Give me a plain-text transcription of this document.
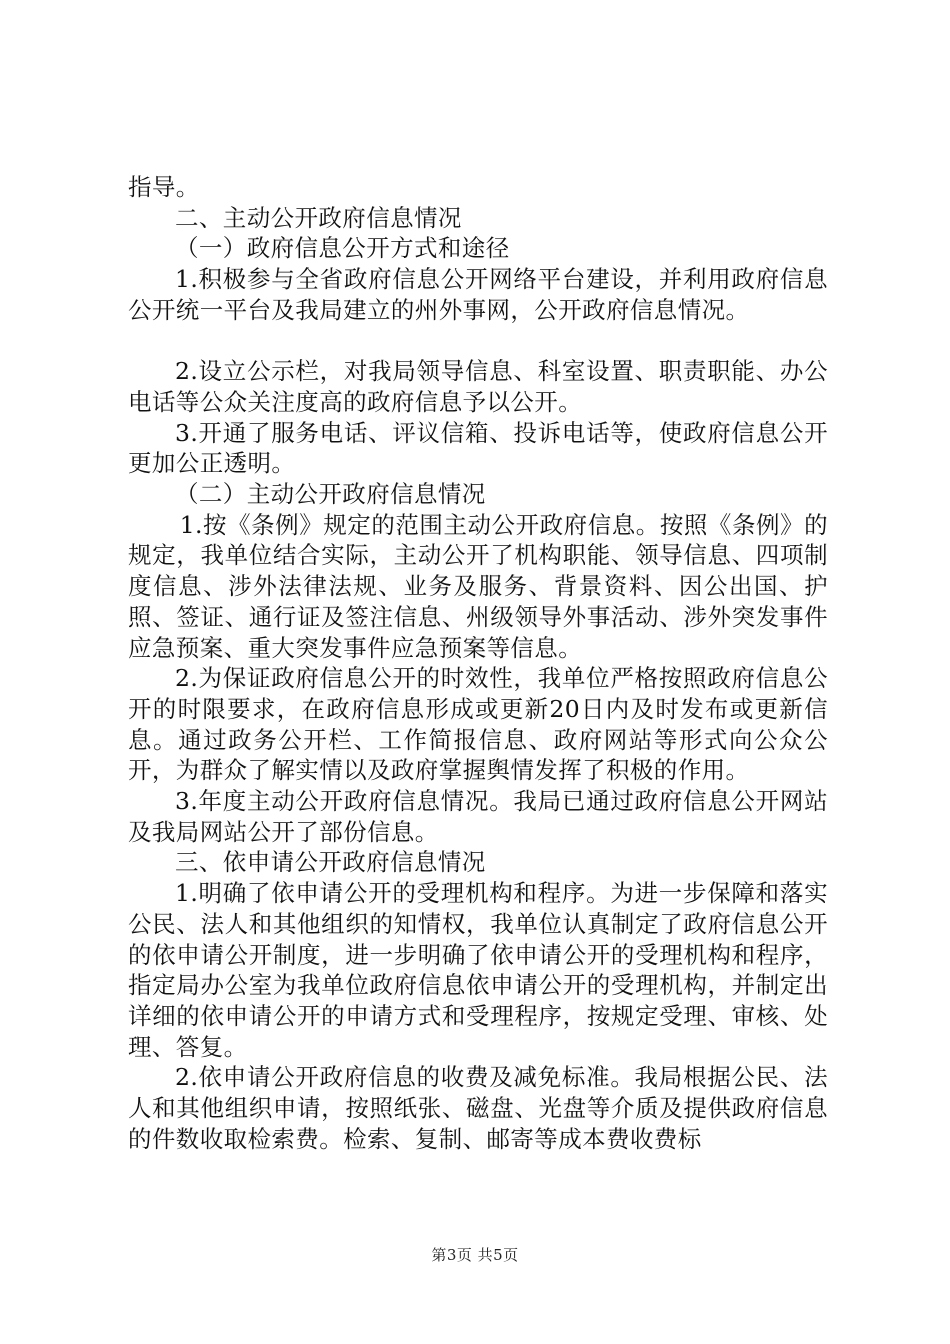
指导。

二、主动公开政府信息情况

（一）政府信息公开方式和途径

1.积极参与全省政府信息公开网络平台建设，并利用政府信息公开统一平台及我局建立的州外事网，公开政府信息情况。

2.设立公示栏，对我局领导信息、科室设置、职责职能、办公电话等公众关注度高的政府信息予以公开。

3.开通了服务电话、评议信箱、投诉电话等，使政府信息公开更加公正透明。

（二）主动公开政府信息情况

1.按《条例》规定的范围主动公开政府信息。按照《条例》的规定，我单位结合实际，主动公开了机构职能、领导信息、四项制度信息、涉外法律法规、业务及服务、背景资料、因公出国、护照、签证、通行证及签注信息、州级领导外事活动、涉外突发事件应急预案、重大突发事件应急预案等信息。

2.为保证政府信息公开的时效性，我单位严格按照政府信息公开的时限要求，在政府信息形成或更新20日内及时发布或更新信息。通过政务公开栏、工作简报信息、政府网站等形式向公众公开，为群众了解实情以及政府掌握舆情发挥了积极的作用。

3.年度主动公开政府信息情况。我局已通过政府信息公开网站及我局网站公开了部份信息。

三、依申请公开政府信息情况

1.明确了依申请公开的受理机构和程序。为进一步保障和落实公民、法人和其他组织的知情权，我单位认真制定了政府信息公开的依申请公开制度，进一步明确了依申请公开的受理机构和程序，指定局办公室为我单位政府信息依申请公开的受理机构，并制定出详细的依申请公开的申请方式和受理程序，按规定受理、审核、处理、答复。

2.依申请公开政府信息的收费及减免标准。我局根据公民、法人和其他组织申请，按照纸张、磁盘、光盘等介质及提供政府信息的件数收取检索费。检索、复制、邮寄等成本费收费标

第3页 共5页
